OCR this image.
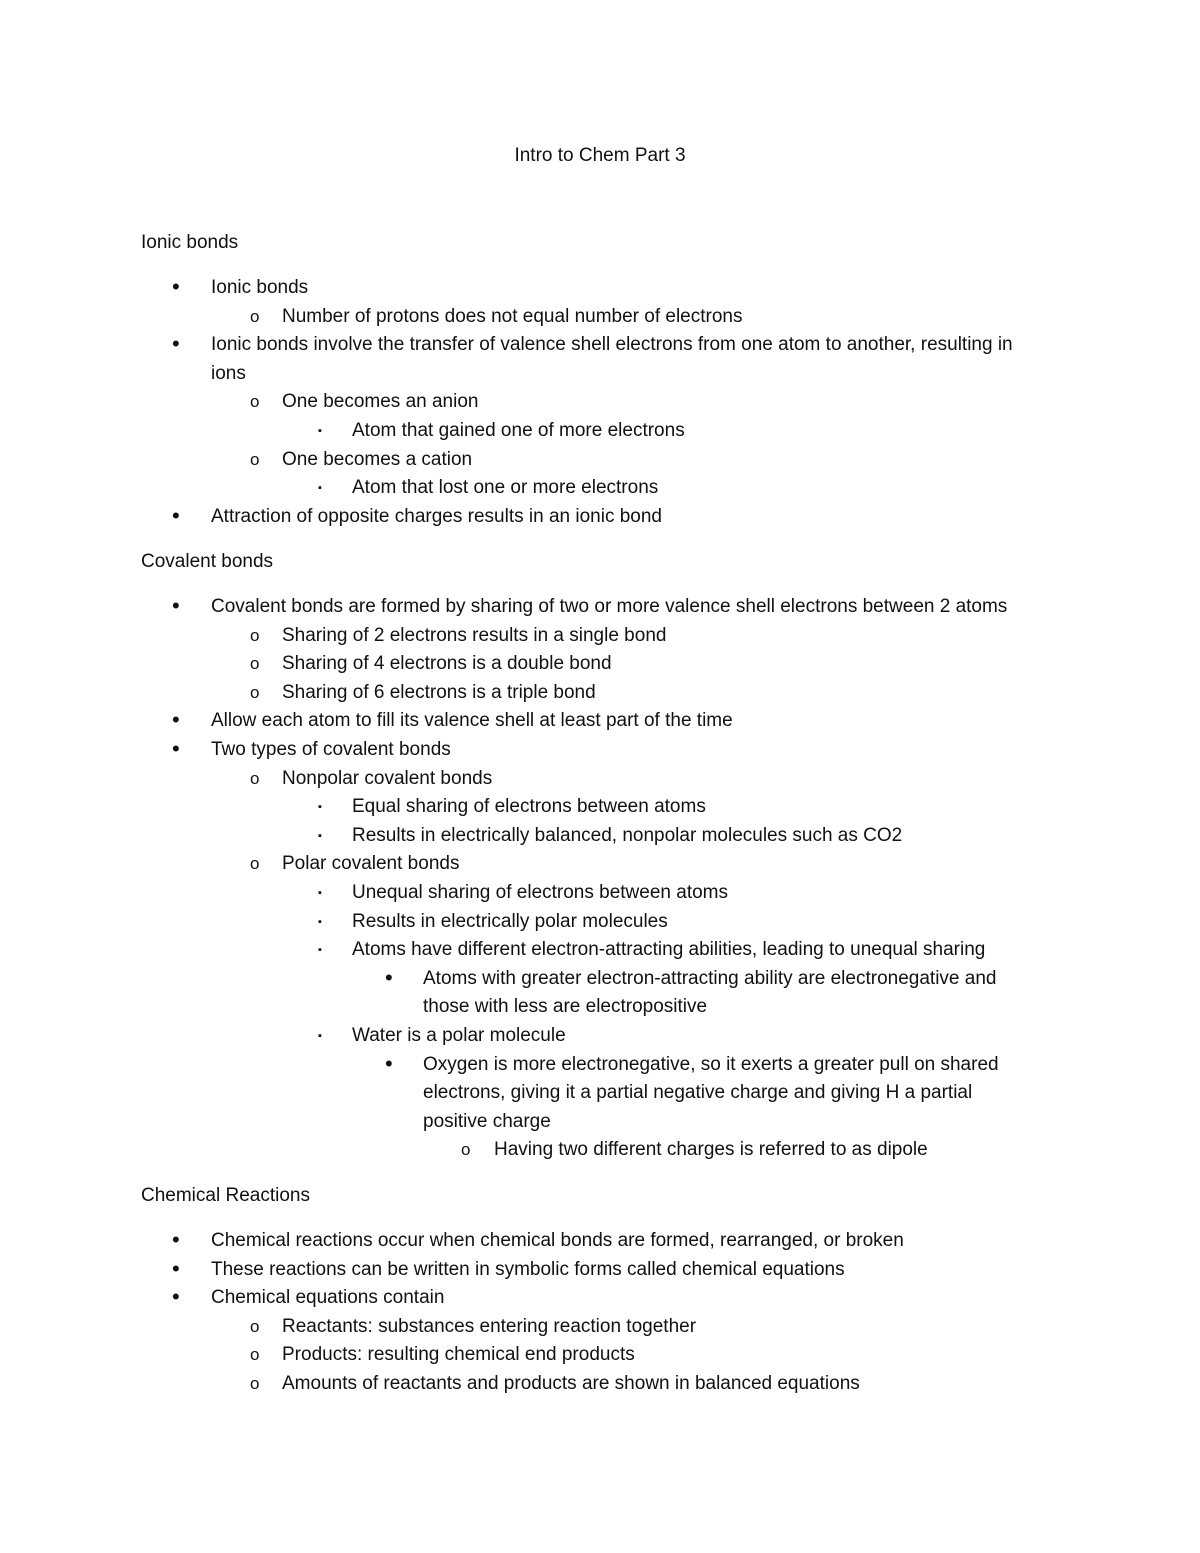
Intro to Chem Part 3
Ionic bonds
• Ionic bonds
o Number of protons does not equal number of electrons
• Ionic bonds involve the transfer of valence shell electrons from one atom to another, resulting in
ions
o One becomes an anion
▪ Atom that gained one of more electrons
o One becomes a cation
▪ Atom that lost one or more electrons
• Attraction of opposite charges results in an ionic bond
Covalent bonds
• Covalent bonds are formed by sharing of two or more valence shell electrons between 2 atoms
o Sharing of 2 electrons results in a single bond
o Sharing of 4 electrons is a double bond
o Sharing of 6 electrons is a triple bond
• Allow each atom to fill its valence shell at least part of the time
• Two types of covalent bonds
o Nonpolar covalent bonds
▪ Equal sharing of electrons between atoms
▪ Results in electrically balanced, nonpolar molecules such as CO2
o Polar covalent bonds
▪ Unequal sharing of electrons between atoms
▪ Results in electrically polar molecules
▪ Atoms have different electron-attracting abilities, leading to unequal sharing
• Atoms with greater electron-attracting ability are electronegative and
those with less are electropositive
▪ Water is a polar molecule
• Oxygen is more electronegative, so it exerts a greater pull on shared
electrons, giving it a partial negative charge and giving H a partial
positive charge
o Having two different charges is referred to as dipole
Chemical Reactions
• Chemical reactions occur when chemical bonds are formed, rearranged, or broken
• These reactions can be written in symbolic forms called chemical equations
• Chemical equations contain
o Reactants: substances entering reaction together
o Products: resulting chemical end products
o Amounts of reactants and products are shown in balanced equations
